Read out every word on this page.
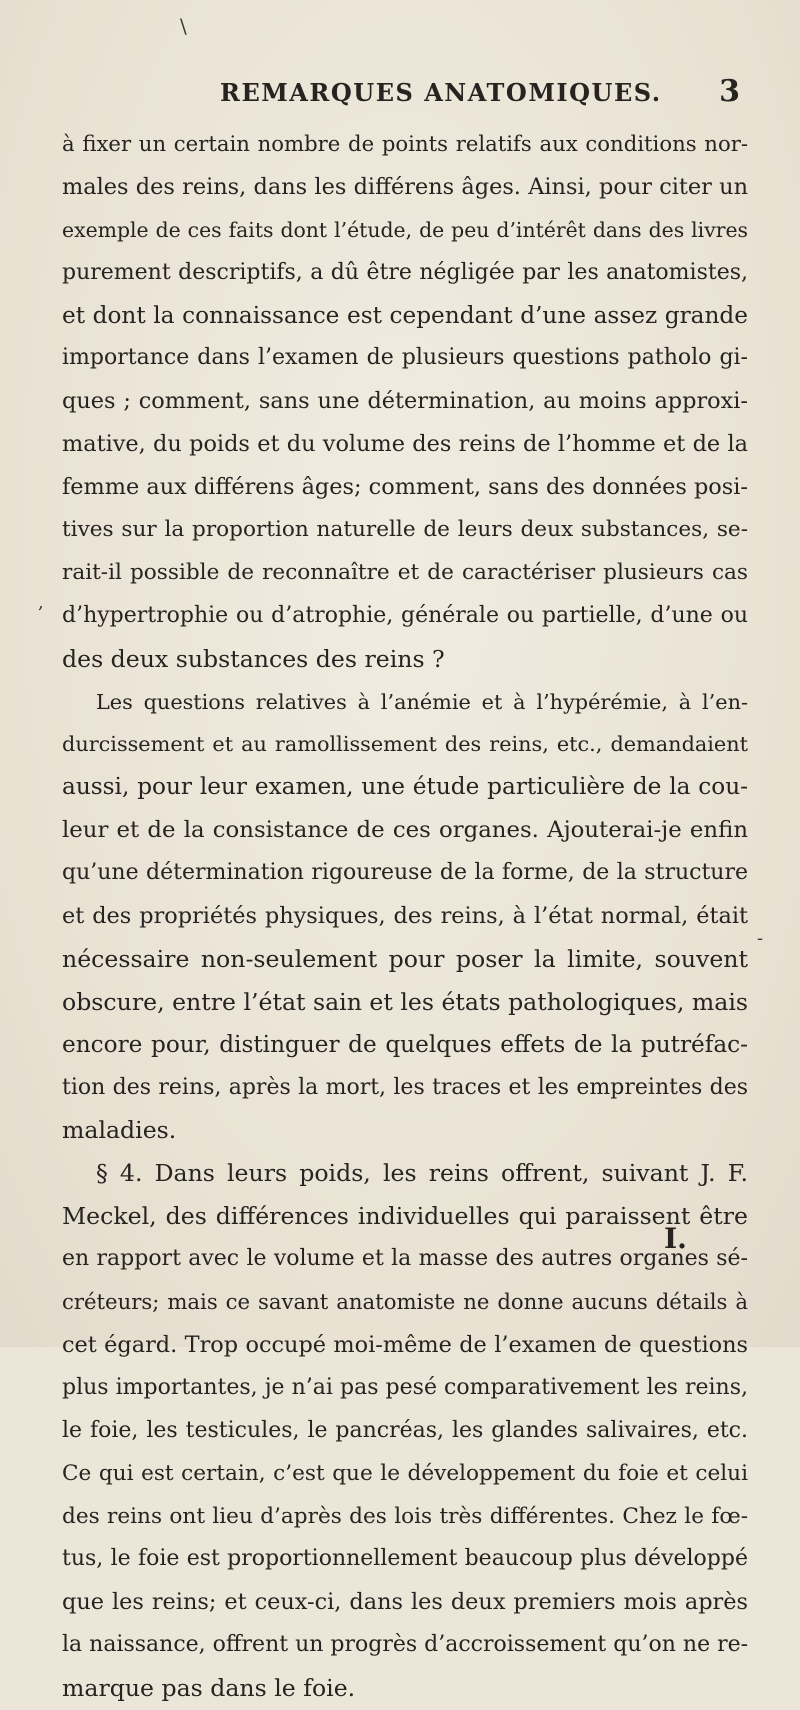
REMARQUES ANATOMIQUES. 3
à fixer un certain nombre de points relatifs aux conditions nor-
males des reins, dans les différens âges. Ainsi, pour citer un
exemple de ces faits dont l’étude, de peu d’intérêt dans des livres
purement descriptifs, a dû être négligée par les anatomistes,
et dont la connaissance est cependant d’une assez grande
importance dans l’examen de plusieurs questions patholo gi-
ques ; comment, sans une détermination, au moins approxi-
mative, du poids et du volume des reins de l’homme et de la
femme aux différens âges; comment, sans des données posi-
tives sur la proportion naturelle de leurs deux substances, se-
rait-il possible de reconnaître et de caractériser plusieurs cas
d’hypertrophie ou d’atrophie, générale ou partielle, d’une ou
des deux substances des reins ?
Les questions relatives à l’anémie et à l’hypérémie, à l’en-
durcissement et au ramollissement des reins, etc., demandaient
aussi, pour leur examen, une étude particulière de la cou-
leur et de la consistance de ces organes. Ajouterai-je enfin
qu’une détermination rigoureuse de la forme, de la structure
et des propriétés physiques, des reins, à l’état normal, était
nécessaire non-seulement pour poser la limite, souvent
obscure, entre l’état sain et les états pathologiques, mais
encore pour, distinguer de quelques effets de la putréfac-
tion des reins, après la mort, les traces et les empreintes des
maladies.
§ 4. Dans leurs poids, les reins offrent, suivant J. F.
Meckel, des différences individuelles qui paraissent être
en rapport avec le volume et la masse des autres organes sé-
créteurs; mais ce savant anatomiste ne donne aucuns détails à
cet égard. Trop occupé moi-même de l’examen de questions
plus importantes, je n’ai pas pesé comparativement les reins,
le foie, les testicules, le pancréas, les glandes salivaires, etc.
Ce qui est certain, c’est que le développement du foie et celui
des reins ont lieu d’après des lois très différentes. Chez le fœ-
tus, le foie est proportionnellement beaucoup plus développé
que les reins; et ceux-ci, dans les deux premiers mois après
la naissance, offrent un progrès d’accroissement qu’on ne re-
marque pas dans le foie.
I.
\
,
-
